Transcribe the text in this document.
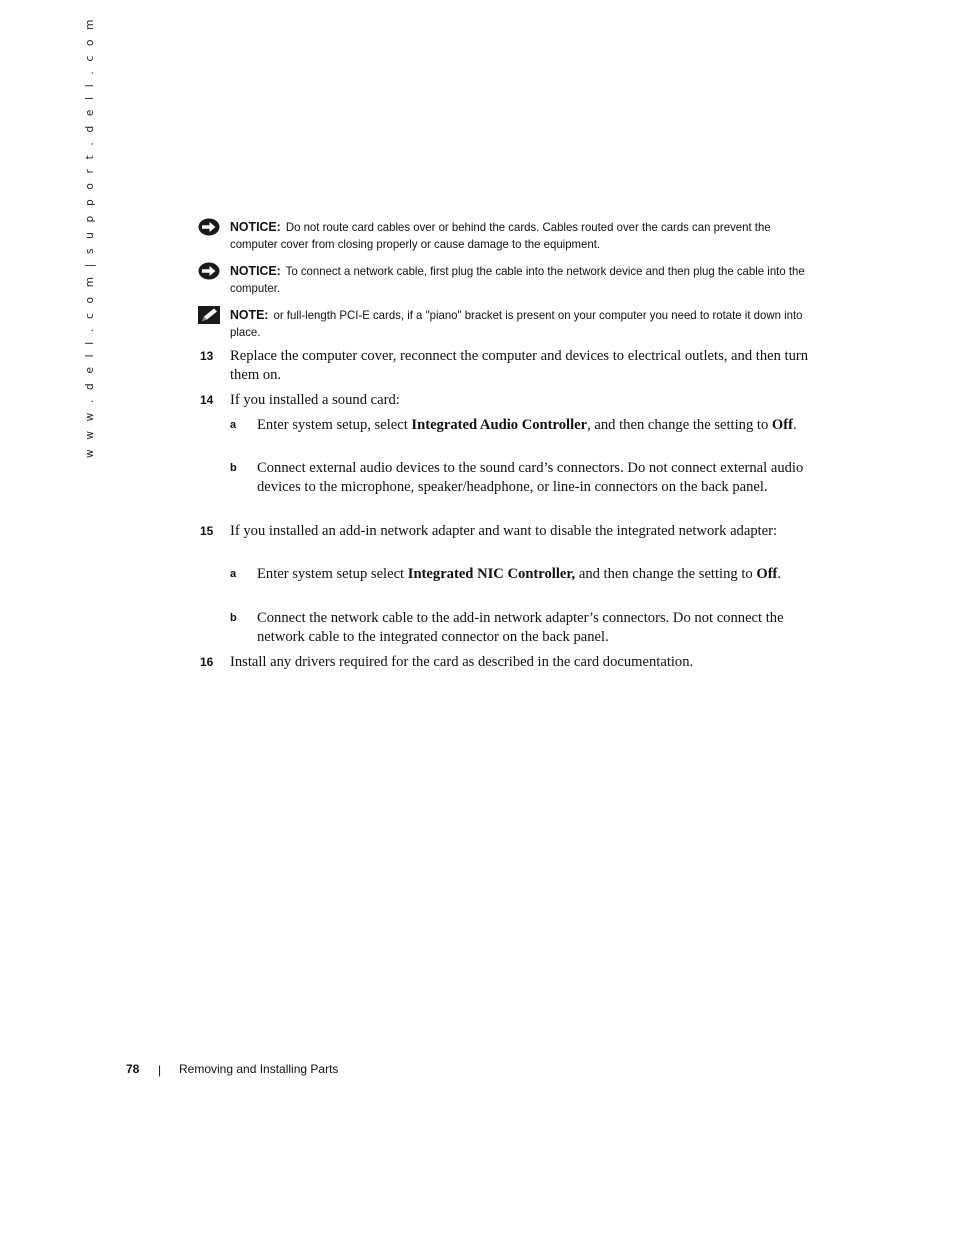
w w w . d e l l . c o m | s u p p o r t . d e l l . c o m	NOTICE: Do not route card cables over or behind the cards. Cables routed over the cards can prevent the computer cover from closing properly or cause damage to the equipment.
NOTICE: To connect a network cable, first plug the cable into the network device and then plug the cable into the computer.
NOTE: or full-length PCI-E cards, if a "piano" bracket is present on your computer you need to rotate it down into place.
13 Replace the computer cover, reconnect the computer and devices to electrical outlets, and then turn them on.
14 If you installed a sound card:
a Enter system setup, select Integrated Audio Controller, and then change the setting to Off.
b Connect external audio devices to the sound card’s connectors. Do not connect external audio devices to the microphone, speaker/headphone, or line-in connectors on the back panel.
15 If you installed an add-in network adapter and want to disable the integrated network adapter:
a Enter system setup select Integrated NIC Controller, and then change the setting to Off.
b Connect the network cable to the add-in network adapter’s connectors. Do not connect the network cable to the integrated connector on the back panel.
16 Install any drivers required for the card as described in the card documentation.
78 | Removing and Installing Parts
